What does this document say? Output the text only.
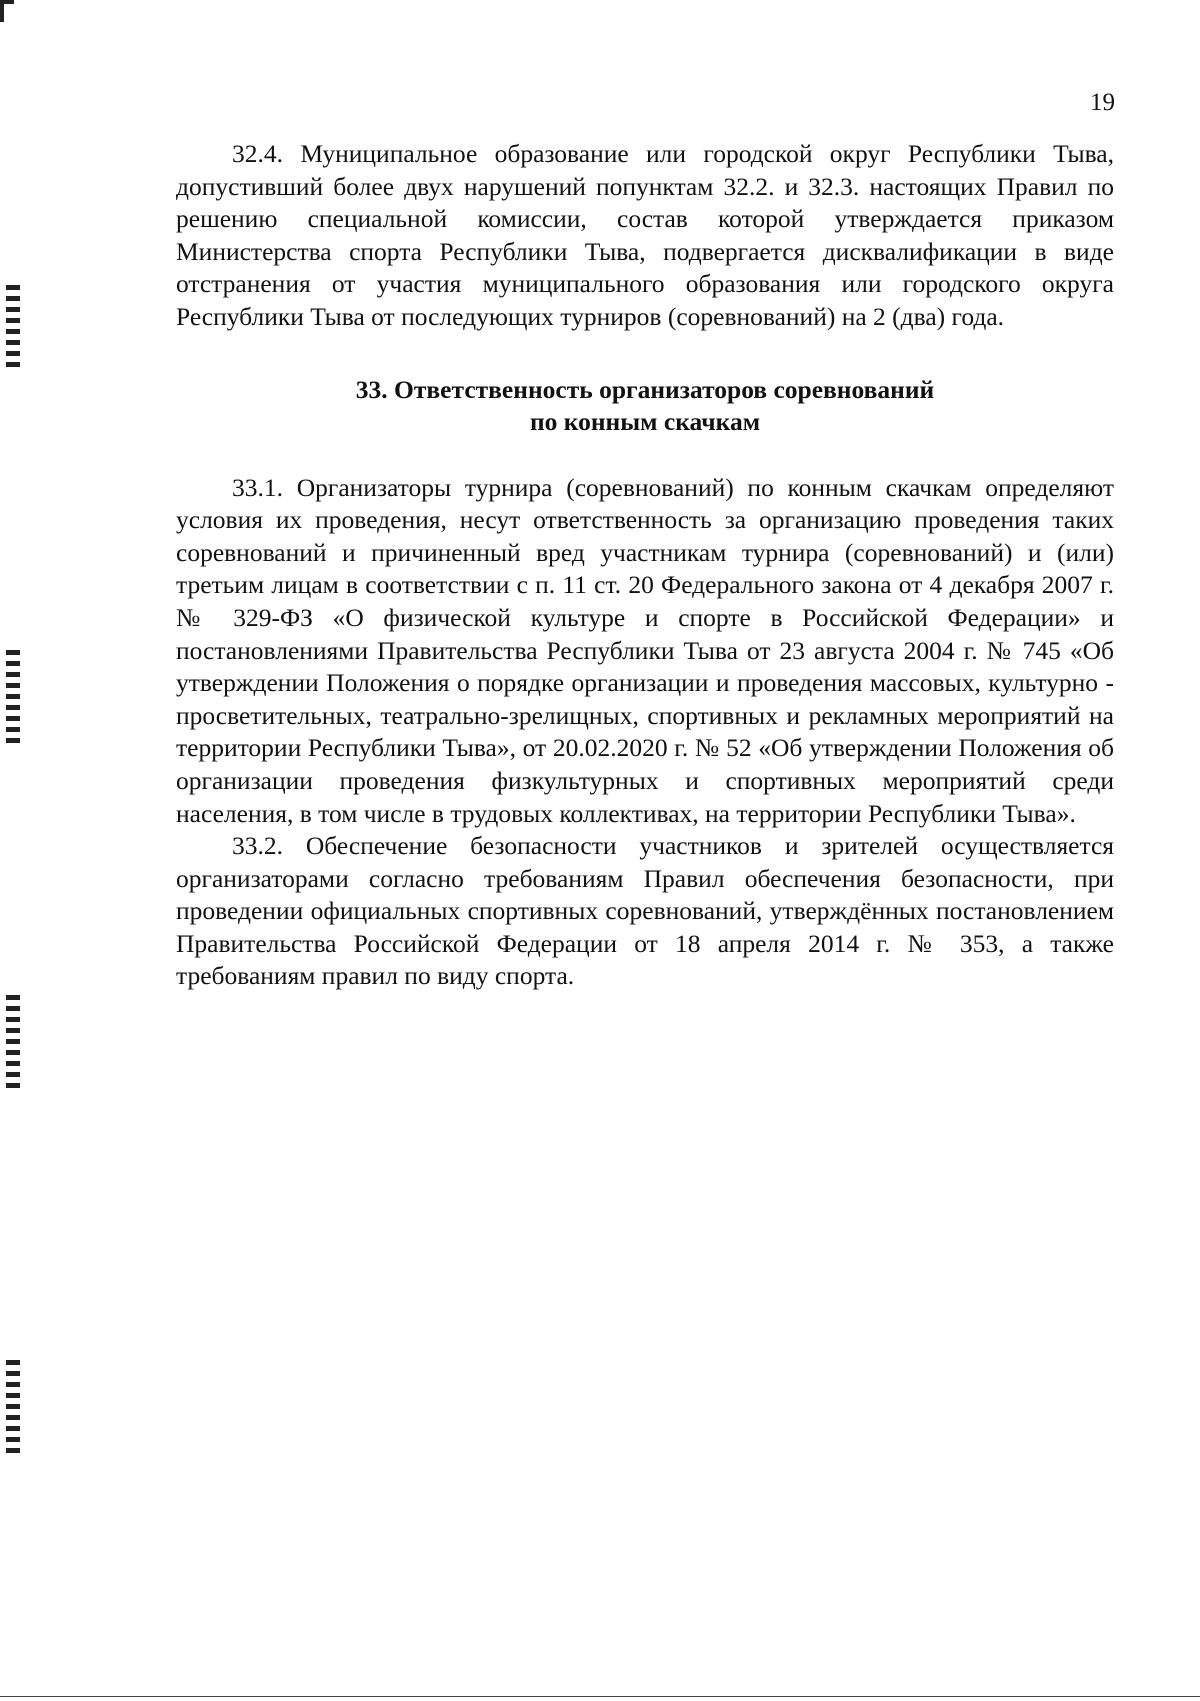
19

32.4. Муниципальное образование или городской округ Республики Тыва, допустивший более двух нарушений попунктам 32.2. и 32.3. настоящих Правил по решению специальной комиссии, состав которой утверждается приказом Министерства спорта Республики Тыва, подвергается дисквалификации в виде отстранения от участия муниципального образования или городского округа Республики Тыва от последующих турниров (соревнований) на 2 (два) года.

33. Ответственность организаторов соревнований
по конным скачкам

33.1. Организаторы турнира (соревнований) по конным скачкам определяют условия их проведения, несут ответственность за организацию проведения таких соревнований и причиненный вред участникам турнира (соревнований) и (или) третьим лицам в соответствии с п. 11 ст. 20 Федерального закона от 4 декабря 2007 г. № 329-ФЗ «О физической культуре и спорте в Российской Федерации» и постановлениями Правительства Республики Тыва от 23 августа 2004 г. № 745 «Об утверждении Положения о порядке организации и проведения массовых, культурно - просветительных, театрально-зрелищных, спортивных и рекламных мероприятий на территории Республики Тыва», от 20.02.2020 г. № 52 «Об утверждении Положения об организации проведения физкультурных и спортивных мероприятий среди населения, в том числе в трудовых коллективах, на территории Республики Тыва».

33.2. Обеспечение безопасности участников и зрителей осуществляется организаторами согласно требованиям Правил обеспечения безопасности, при проведении официальных спортивных соревнований, утверждённых постановлением Правительства Российской Федерации от 18 апреля 2014 г. № 353, а также требованиям правил по виду спорта.
